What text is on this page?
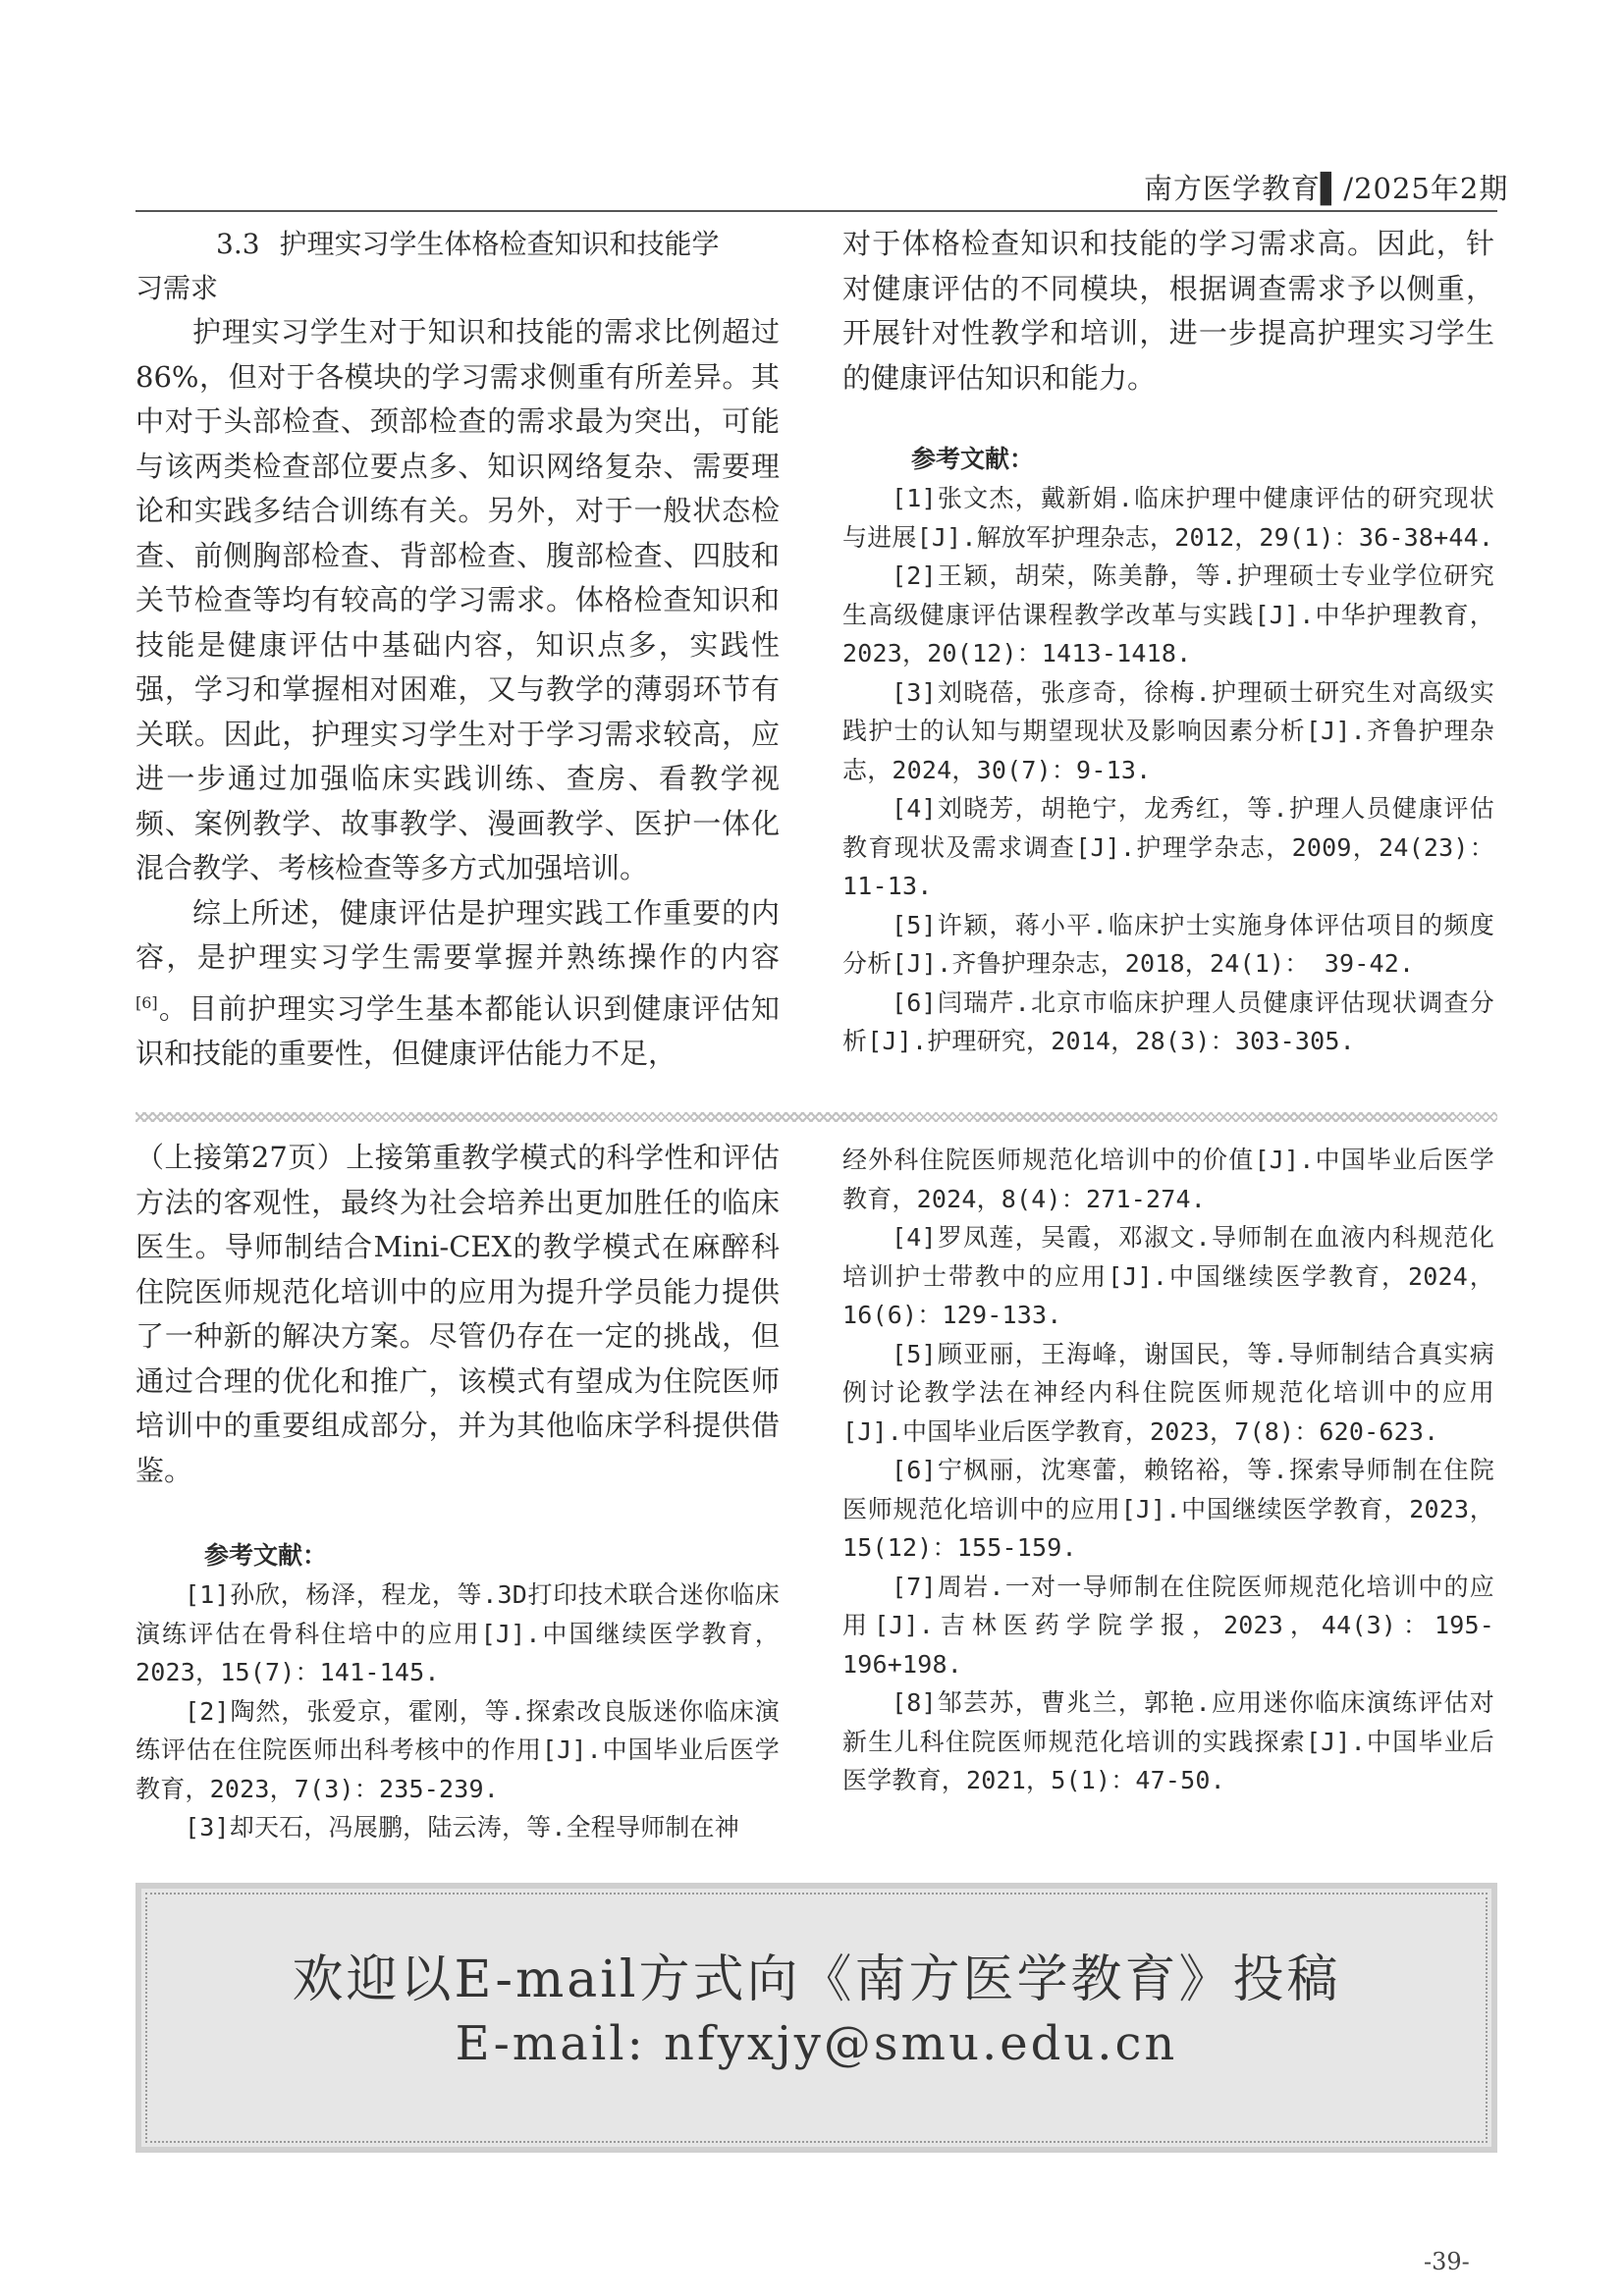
南方医学教育▌/2025年2期

3.3 护理实习学生体格检查知识和技能学

习需求

护理实习学生对于知识和技能的需求比例超过86%，但对于各模块的学习需求侧重有所差异。其中对于头部检查、颈部检查的需求最为突出，可能与该两类检查部位要点多、知识网络复杂、需要理论和实践多结合训练有关。另外，对于一般状态检查、前侧胸部检查、背部检查、腹部检查、四肢和关节检查等均有较高的学习需求。体格检查知识和技能是健康评估中基础内容，知识点多，实践性强，学习和掌握相对困难，又与教学的薄弱环节有关联。因此，护理实习学生对于学习需求较高，应进一步通过加强临床实践训练、查房、看教学视频、案例教学、故事教学、漫画教学、医护一体化混合教学、考核检查等多方式加强培训。

综上所述，健康评估是护理实践工作重要的内容，是护理实习学生需要掌握并熟练操作的内容[6]。目前护理实习学生基本都能认识到健康评估知识和技能的重要性，但健康评估能力不足，

对于体格检查知识和技能的学习需求高。因此，针对健康评估的不同模块，根据调查需求予以侧重，开展针对性教学和培训，进一步提高护理实习学生的健康评估知识和能力。

参考文献：

[1]张文杰，戴新娟.临床护理中健康评估的研究现状与进展[J].解放军护理杂志，2012，29(1)：36-38+44.

[2]王颖，胡荣，陈美静，等.护理硕士专业学位研究生高级健康评估课程教学改革与实践[J].中华护理教育，2023，20(12)：1413-1418.

[3]刘晓蓓，张彦奇，徐梅.护理硕士研究生对高级实践护士的认知与期望现状及影响因素分析[J].齐鲁护理杂志，2024，30(7)：9-13.

[4]刘晓芳，胡艳宁，龙秀红，等.护理人员健康评估教育现状及需求调查[J].护理学杂志，2009，24(23)：11-13.

[5]许颖，蒋小平.临床护士实施身体评估项目的频度分析[J].齐鲁护理杂志，2018，24(1)： 39-42.

[6]闫瑞芹.北京市临床护理人员健康评估现状调查分析[J].护理研究，2014，28(3)：303-305.

（上接第27页）上接第重教学模式的科学性和评估方法的客观性，最终为社会培养出更加胜任的临床医生。导师制结合Mini-CEX的教学模式在麻醉科住院医师规范化培训中的应用为提升学员能力提供了一种新的解决方案。尽管仍存在一定的挑战，但通过合理的优化和推广，该模式有望成为住院医师培训中的重要组成部分，并为其他临床学科提供借鉴。

参考文献：

[1]孙欣，杨泽，程龙，等.3D打印技术联合迷你临床演练评估在骨科住培中的应用[J].中国继续医学教育，2023，15(7)：141-145.

[2]陶然，张爱京，霍刚，等.探索改良版迷你临床演练评估在住院医师出科考核中的作用[J].中国毕业后医学教育，2023，7(3)：235-239.

[3]却天石，冯展鹏，陆云涛，等.全程导师制在神

经外科住院医师规范化培训中的价值[J].中国毕业后医学教育，2024，8(4)：271-274.

[4]罗凤莲，吴霞，邓淑文.导师制在血液内科规范化培训护士带教中的应用[J].中国继续医学教育，2024，16(6)：129-133.

[5]顾亚丽，王海峰，谢国民，等.导师制结合真实病例讨论教学法在神经内科住院医师规范化培训中的应用[J].中国毕业后医学教育，2023，7(8)：620-623.

[6]宁枫丽，沈寒蕾，赖铭裕，等.探索导师制在住院医师规范化培训中的应用[J].中国继续医学教育，2023，15(12)：155-159.

[7]周岩.一对一导师制在住院医师规范化培训中的应用[J].吉林医药学院学报，2023，44(3)：195-196+198.

[8]邹芸苏，曹兆兰，郭艳.应用迷你临床演练评估对新生儿科住院医师规范化培训的实践探索[J].中国毕业后医学教育，2021，5(1)：47-50.

欢迎以E-mail方式向《南方医学教育》投稿
E-mail: nfyxjy@smu.edu.cn
-39-
